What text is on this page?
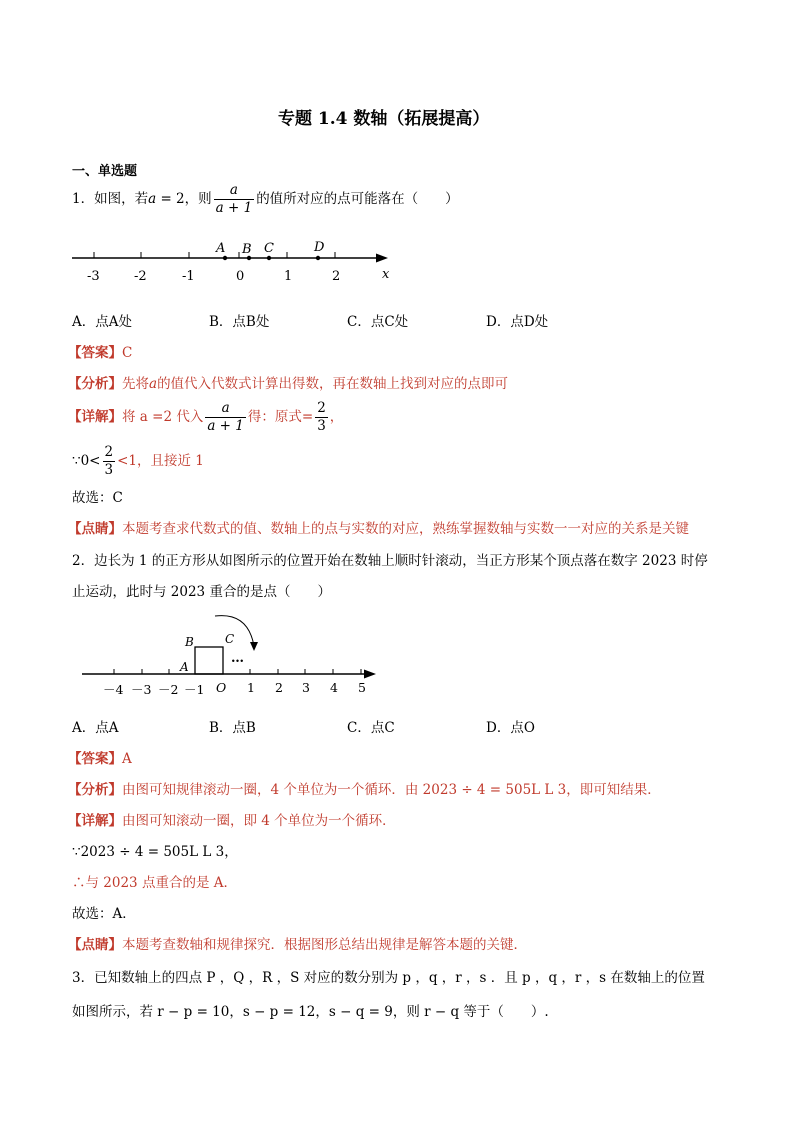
专题 1.4 数轴（拓展提高）
一、单选题
1．如图，若a = 2，则 $\frac{a}{a + 1}$ 的值所对应的点可能落在（　　）
-3	-2	-1	0	1	2	x
A B C	D
A．点A处	B．点B处	C．点C处	D．点D处
【答案】C
【分析】先将a的值代入代数式计算出得数，再在数轴上找到对应的点即可
【详解】将 a =2 代入 $\frac{a}{a + 1}$ 得：原式= $\frac{2}{3}$ ，
∵0< $\frac{2}{3} <1$，且接近 1
故选：C
【点睛】本题考查求代数式的值、数轴上的点与实数的对应，熟练掌握数轴与实数一一对应的关系是关键
2．边长为 1 的正方形从如图所示的位置开始在数轴上顺时针滚动，当正方形某个顶点落在数字 2023 时停
止运动，此时与 2023 重合的是点（　　）
－4 －3 －2 －1 O 1 2 3 4 5
A
B	C
…
A．点A	B．点B	C．点C	D．点O
【答案】A
【分析】由图可知规律滚动一圈，4 个单位为一个循环．由 2023 ÷ 4 = 505L L 3，即可知结果．
【详解】由图可知滚动一圈，即 4 个单位为一个循环．
∵2023 ÷ 4 = 505L L 3，
∴与 2023 点重合的是 A．
故选：A．
【点睛】本题考查数轴和规律探究．根据图形总结出规律是解答本题的关键．
3．已知数轴上的四点 P ，Q ，R ，S 对应的数分别为 p ，q ，r ，s ．且 p ，q ，r ，s 在数轴上的位置
如图所示，若 r − p = 10，s − p = 12，s − q = 9，则 r − q 等于（　　）.
